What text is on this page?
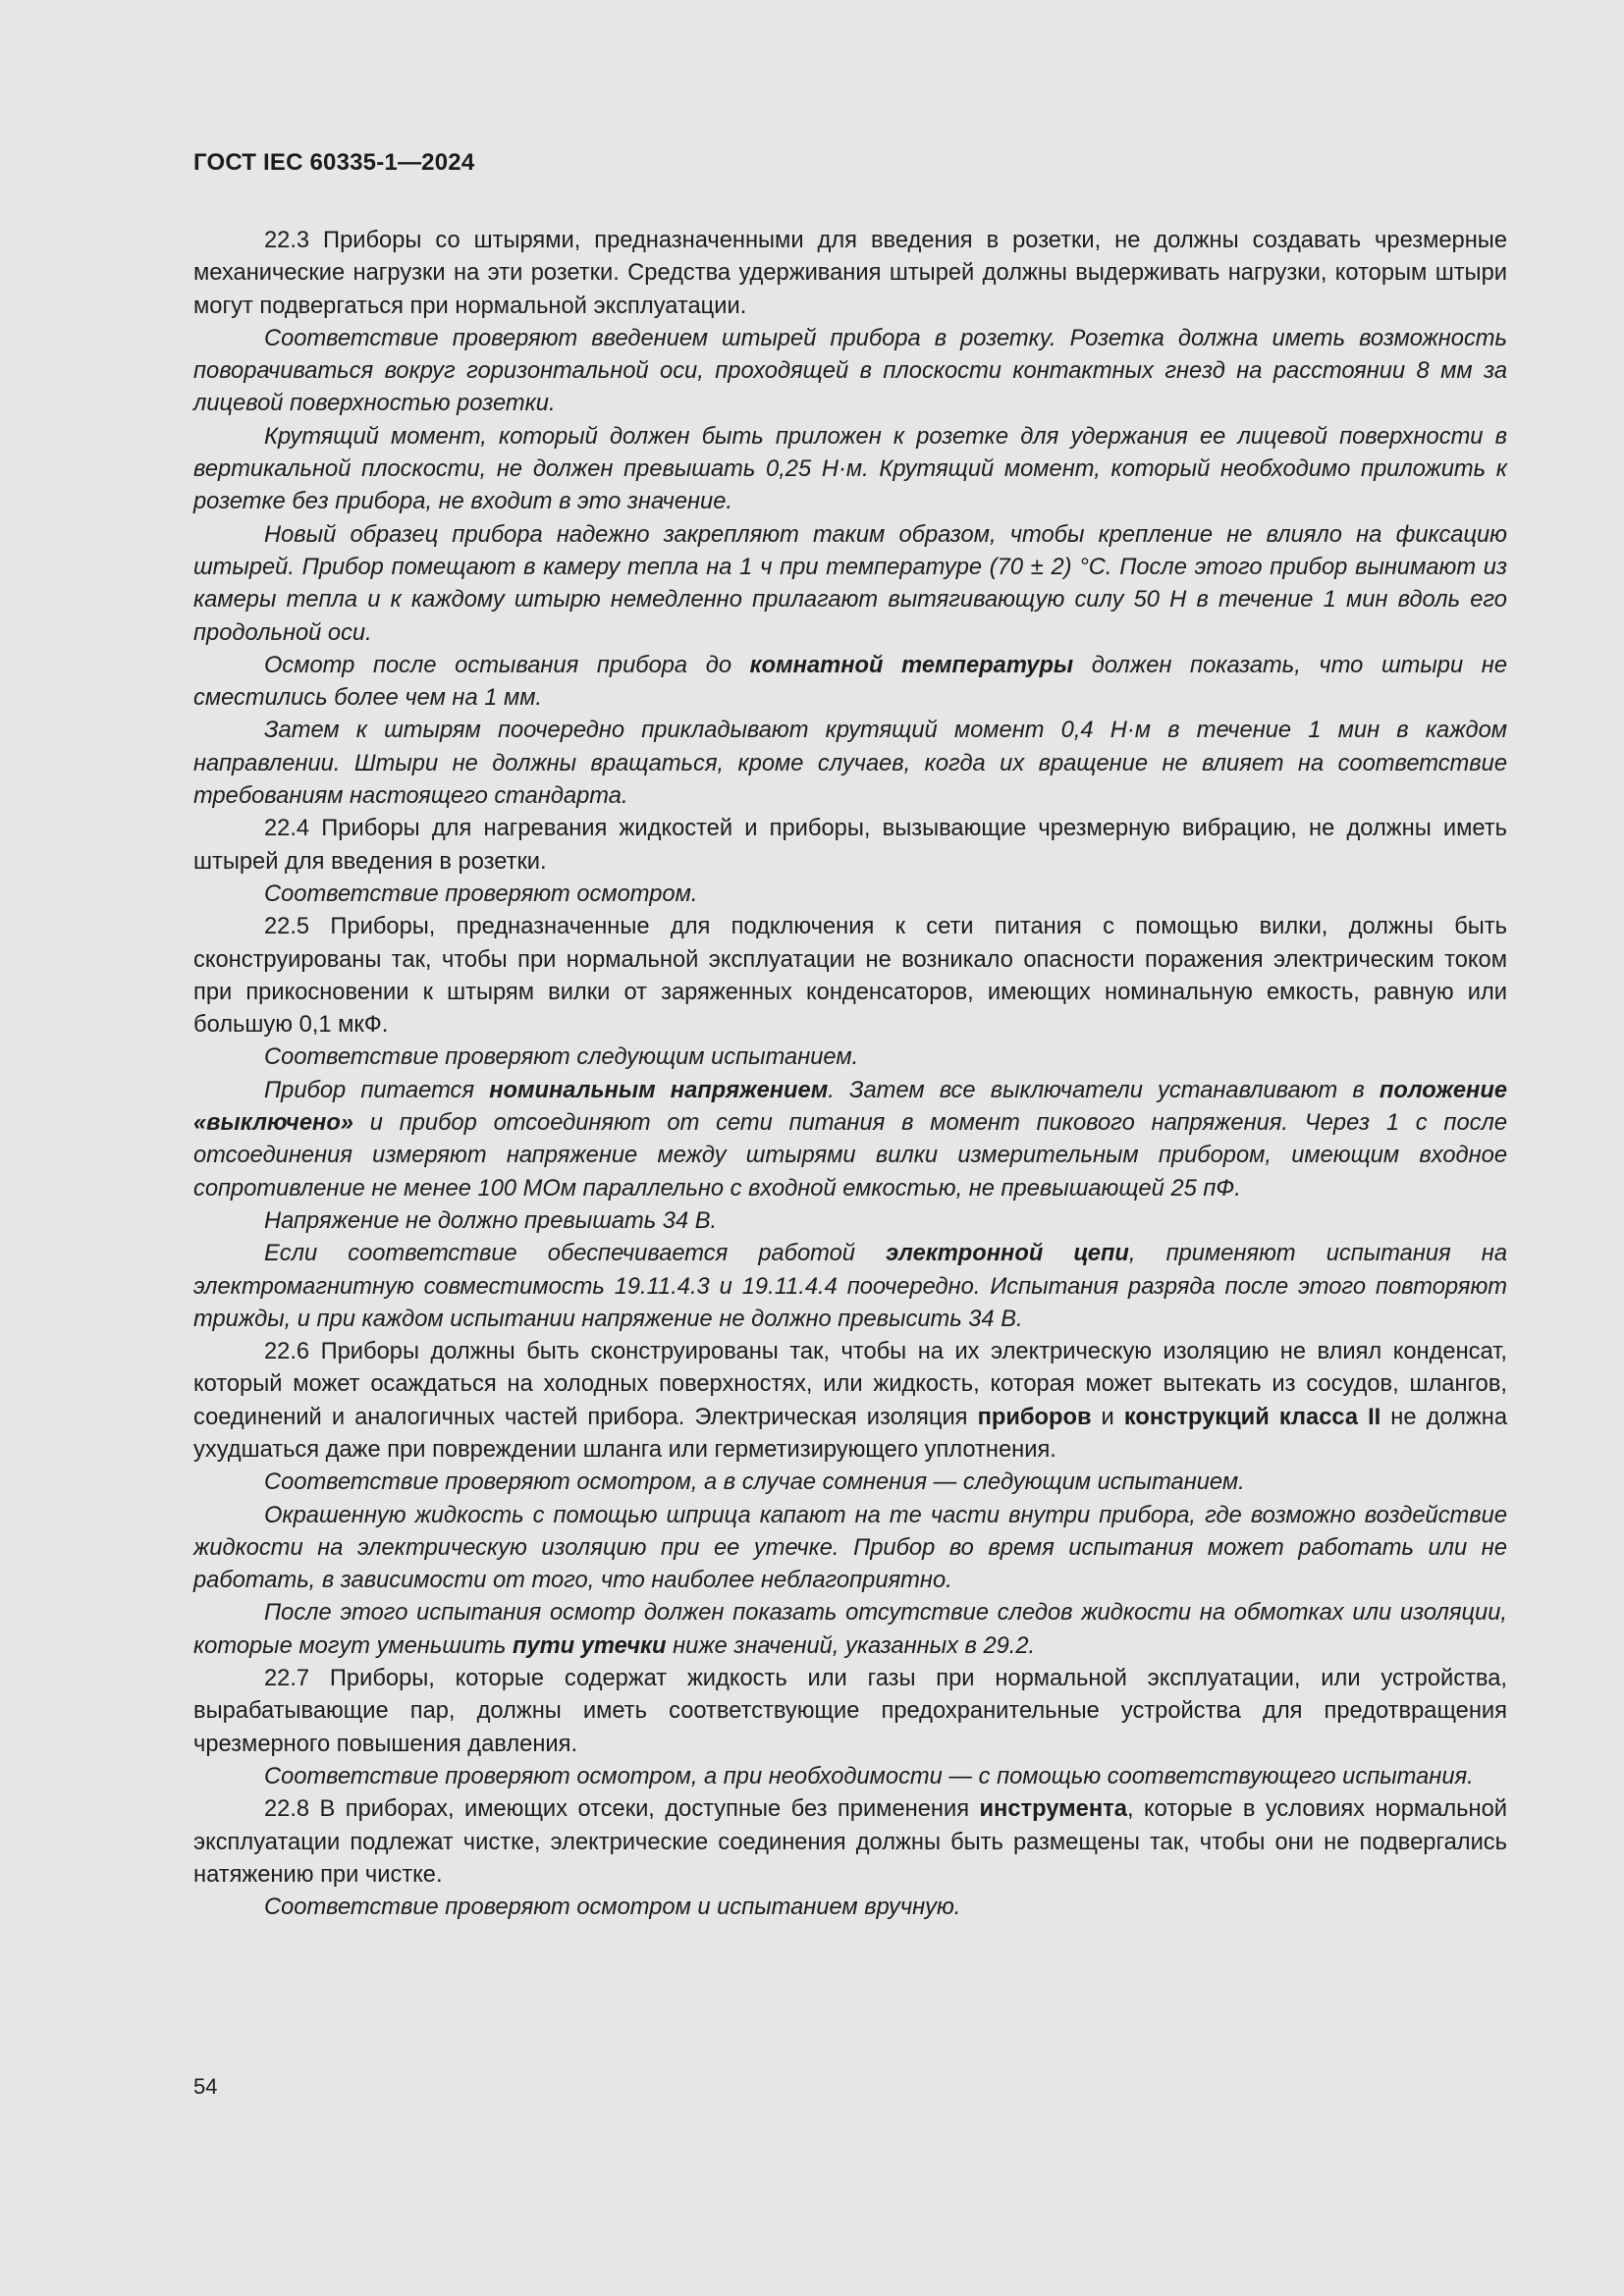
ГОСТ IEC 60335-1—2024

22.3 Приборы со штырями, предназначенными для введения в розетки, не должны создавать чрезмерные механические нагрузки на эти розетки. Средства удерживания штырей должны выдерживать нагрузки, которым штыри могут подвергаться при нормальной эксплуатации.

Соответствие проверяют введением штырей прибора в розетку. Розетка должна иметь возможность поворачиваться вокруг горизонтальной оси, проходящей в плоскости контактных гнезд на расстоянии 8 мм за лицевой поверхностью розетки.

Крутящий момент, который должен быть приложен к розетке для удержания ее лицевой поверхности в вертикальной плоскости, не должен превышать 0,25 Н·м. Крутящий момент, который необходимо приложить к розетке без прибора, не входит в это значение.

Новый образец прибора надежно закрепляют таким образом, чтобы крепление не влияло на фиксацию штырей. Прибор помещают в камеру тепла на 1 ч при температуре (70 ± 2) °С. После этого прибор вынимают из камеры тепла и к каждому штырю немедленно прилагают вытягивающую силу 50 Н в течение 1 мин вдоль его продольной оси.

Осмотр после остывания прибора до комнатной температуры должен показать, что штыри не сместились более чем на 1 мм.

Затем к штырям поочередно прикладывают крутящий момент 0,4 Н·м в течение 1 мин в каждом направлении. Штыри не должны вращаться, кроме случаев, когда их вращение не влияет на соответствие требованиям настоящего стандарта.

22.4 Приборы для нагревания жидкостей и приборы, вызывающие чрезмерную вибрацию, не должны иметь штырей для введения в розетки.

Соответствие проверяют осмотром.

22.5 Приборы, предназначенные для подключения к сети питания с помощью вилки, должны быть сконструированы так, чтобы при нормальной эксплуатации не возникало опасности поражения электрическим током при прикосновении к штырям вилки от заряженных конденсаторов, имеющих номинальную емкость, равную или большую 0,1 мкФ.

Соответствие проверяют следующим испытанием.

Прибор питается номинальным напряжением. Затем все выключатели устанавливают в положение «выключено» и прибор отсоединяют от сети питания в момент пикового напряжения. Через 1 с после отсоединения измеряют напряжение между штырями вилки измерительным прибором, имеющим входное сопротивление не менее 100 МОм параллельно с входной емкостью, не превышающей 25 пФ.

Напряжение не должно превышать 34 В.

Если соответствие обеспечивается работой электронной цепи, применяют испытания на электромагнитную совместимость 19.11.4.3 и 19.11.4.4 поочередно. Испытания разряда после этого повторяют трижды, и при каждом испытании напряжение не должно превысить 34 В.

22.6 Приборы должны быть сконструированы так, чтобы на их электрическую изоляцию не влиял конденсат, который может осаждаться на холодных поверхностях, или жидкость, которая может вытекать из сосудов, шлангов, соединений и аналогичных частей прибора. Электрическая изоляция приборов и конструкций класса II не должна ухудшаться даже при повреждении шланга или герметизирующего уплотнения.

Соответствие проверяют осмотром, а в случае сомнения — следующим испытанием.

Окрашенную жидкость с помощью шприца капают на те части внутри прибора, где возможно воздействие жидкости на электрическую изоляцию при ее утечке. Прибор во время испытания может работать или не работать, в зависимости от того, что наиболее неблагоприятно.

После этого испытания осмотр должен показать отсутствие следов жидкости на обмотках или изоляции, которые могут уменьшить пути утечки ниже значений, указанных в 29.2.

22.7 Приборы, которые содержат жидкость или газы при нормальной эксплуатации, или устройства, вырабатывающие пар, должны иметь соответствующие предохранительные устройства для предотвращения чрезмерного повышения давления.

Соответствие проверяют осмотром, а при необходимости — с помощью соответствующего испытания.

22.8 В приборах, имеющих отсеки, доступные без применения инструмента, которые в условиях нормальной эксплуатации подлежат чистке, электрические соединения должны быть размещены так, чтобы они не подвергались натяжению при чистке.

Соответствие проверяют осмотром и испытанием вручную.

54
